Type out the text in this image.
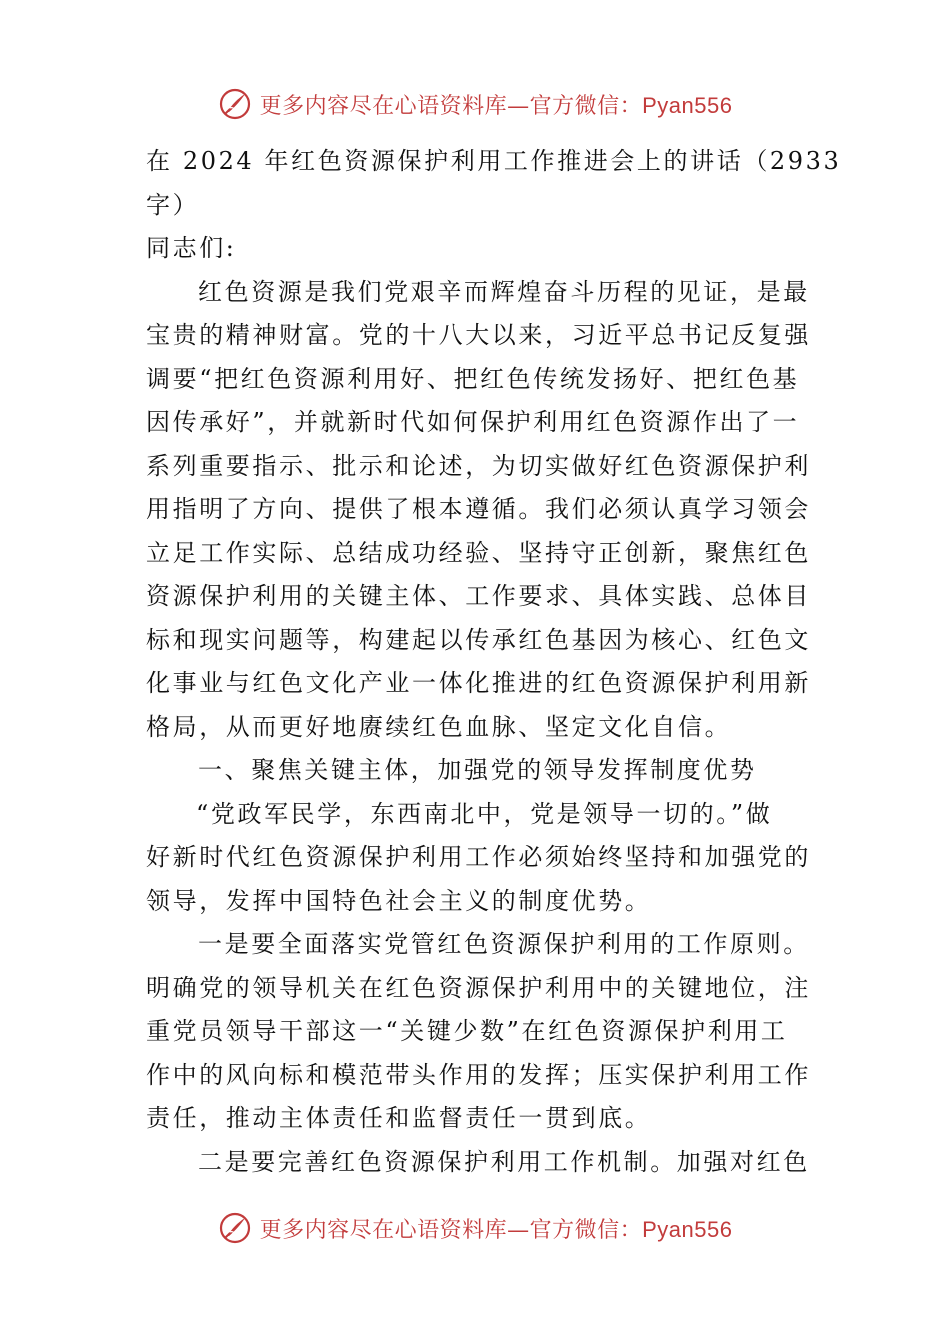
更多内容尽在心语资料库—官方微信：Pyan556
在 2024 年红色资源保护利用工作推进会上的讲话（2933
字）
同志们:
红色资源是我们党艰辛而辉煌奋斗历程的见证，是最
宝贵的精神财富。党的十八大以来，习近平总书记反复强
调要“把红色资源利用好、把红色传统发扬好、把红色基
因传承好”，并就新时代如何保护利用红色资源作出了一
系列重要指示、批示和论述，为切实做好红色资源保护利
用指明了方向、提供了根本遵循。我们必须认真学习领会
立足工作实际、总结成功经验、坚持守正创新，聚焦红色
资源保护利用的关键主体、工作要求、具体实践、总体目
标和现实问题等，构建起以传承红色基因为核心、红色文
化事业与红色文化产业一体化推进的红色资源保护利用新
格局，从而更好地赓续红色血脉、坚定文化自信。
一、聚焦关键主体，加强党的领导发挥制度优势
“党政军民学，东西南北中，党是领导一切的。”做
好新时代红色资源保护利用工作必须始终坚持和加强党的
领导，发挥中国特色社会主义的制度优势。
一是要全面落实党管红色资源保护利用的工作原则。
明确党的领导机关在红色资源保护利用中的关键地位，注
重党员领导干部这一“关键少数”在红色资源保护利用工
作中的风向标和模范带头作用的发挥；压实保护利用工作
责任，推动主体责任和监督责任一贯到底。
二是要完善红色资源保护利用工作机制。加强对红色
更多内容尽在心语资料库—官方微信：Pyan556
